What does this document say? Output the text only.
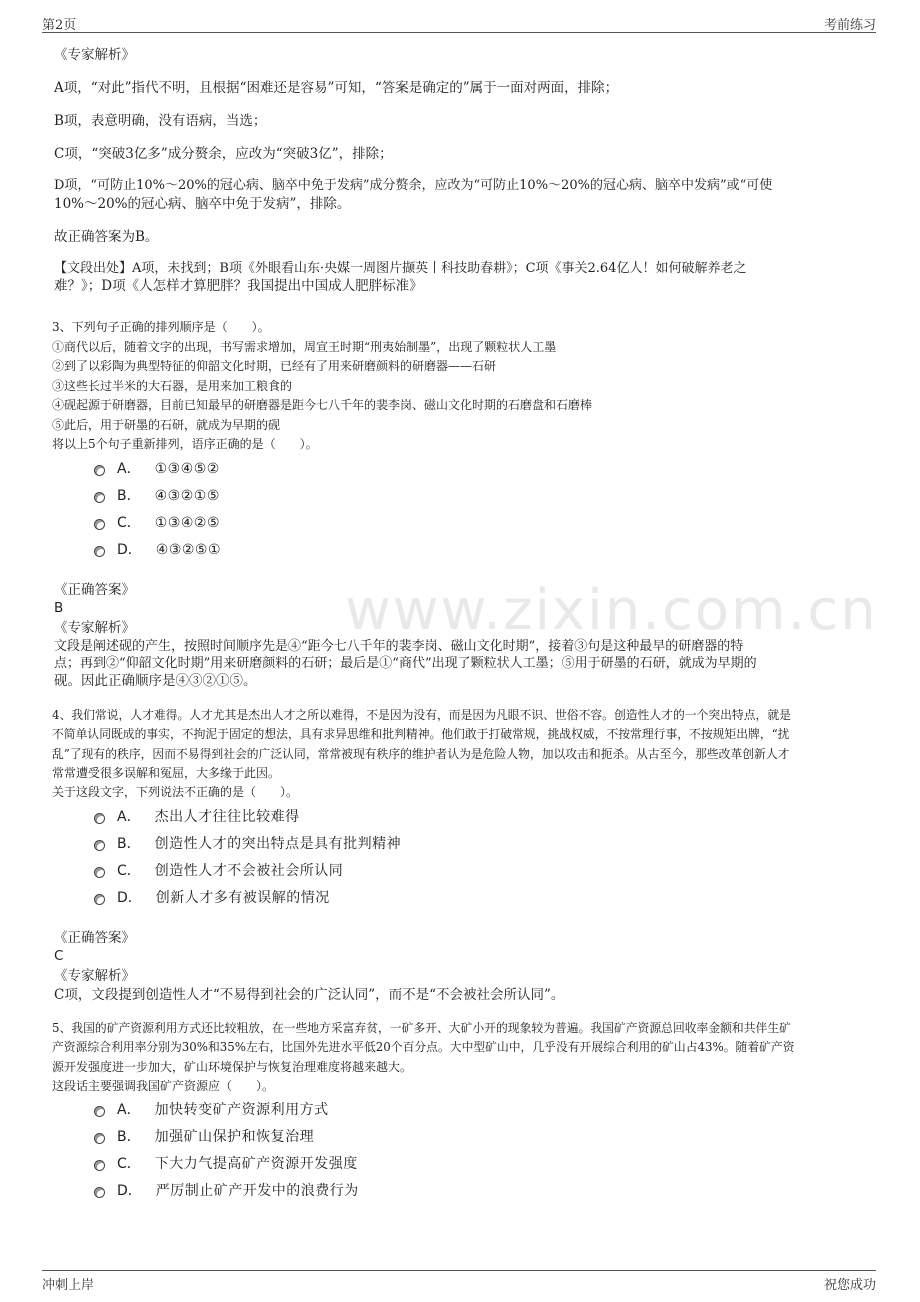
第2页	考前练习
www.zixin.com.cn
《专家解析》
A项，“对此”指代不明，且根据“困难还是容易”可知，“答案是确定的”属于一面对两面，排除；
B项，表意明确，没有语病，当选；
C项，“突破3亿多”成分赘余，应改为“突破3亿”，排除；
D项，“可防止10%～20%的冠心病、脑卒中免于发病”成分赘余，应改为“可防止10%～20%的冠心病、脑卒中发病”或“可使
10%～20%的冠心病、脑卒中免于发病”，排除。
故正确答案为B。
【文段出处】A项，未找到；B项《外眼看山东·央媒一周图片撷英丨科技助春耕》；C项《事关2.64亿人！如何破解养老之
难？》；D项《人怎样才算肥胖？我国提出中国成人肥胖标准》
3、下列句子正确的排列顺序是（　　）。
①商代以后，随着文字的出现，书写需求增加，周宣王时期“刑夷始制墨”，出现了颗粒状人工墨
②到了以彩陶为典型特征的仰韶文化时期，已经有了用来研磨颜料的研磨器——石研
③这些长过半米的大石器，是用来加工粮食的
④砚起源于研磨器，目前已知最早的研磨器是距今七八千年的裴李岗、磁山文化时期的石磨盘和石磨棒
⑤此后，用于研墨的石研，就成为早期的砚
将以上5个句子重新排列，语序正确的是（　　）。
A． ①③④⑤②
B． ④③②①⑤
C． ①③④②⑤
D． ④③②⑤①
《正确答案》
B
《专家解析》
文段是阐述砚的产生，按照时间顺序先是④“距今七八千年的裴李岗、磁山文化时期”，接着③句是这种最早的研磨器的特
点；再到②“仰韶文化时期”用来研磨颜料的石研；最后是①“商代”出现了颗粒状人工墨；⑤用于研墨的石研，就成为早期的
砚。因此正确顺序是④③②①⑤。
4、我们常说，人才难得。人才尤其是杰出人才之所以难得，不是因为没有，而是因为凡眼不识、世俗不容。创造性人才的一个突出特点，就是
不简单认同既成的事实，不拘泥于固定的想法，具有求异思维和批判精神。他们敢于打破常规，挑战权威，不按常理行事，不按规矩出牌，“扰
乱”了现有的秩序，因而不易得到社会的广泛认同，常常被现有秩序的维护者认为是危险人物，加以攻击和扼杀。从古至今，那些改革创新人才
常常遭受很多误解和冤屈，大多缘于此因。
关于这段文字，下列说法不正确的是（　　）。
A． 杰出人才往往比较难得
B． 创造性人才的突出特点是具有批判精神
C． 创造性人才不会被社会所认同
D． 创新人才多有被误解的情况
《正确答案》
C
《专家解析》
C项，文段提到创造性人才“不易得到社会的广泛认同”，而不是“不会被社会所认同”。
5、我国的矿产资源利用方式还比较粗放，在一些地方采富弃贫，一矿多开、大矿小开的现象较为普遍。我国矿产资源总回收率金额和共伴生矿
产资源综合利用率分别为30%和35%左右，比国外先进水平低20个百分点。大中型矿山中，几乎没有开展综合利用的矿山占43%。随着矿产资
源开发强度进一步加大，矿山环境保护与恢复治理难度将越来越大。
这段话主要强调我国矿产资源应（　　）。
A． 加快转变矿产资源利用方式
B． 加强矿山保护和恢复治理
C． 下大力气提高矿产资源开发强度
D． 严厉制止矿产开发中的浪费行为
冲刺上岸	祝您成功
